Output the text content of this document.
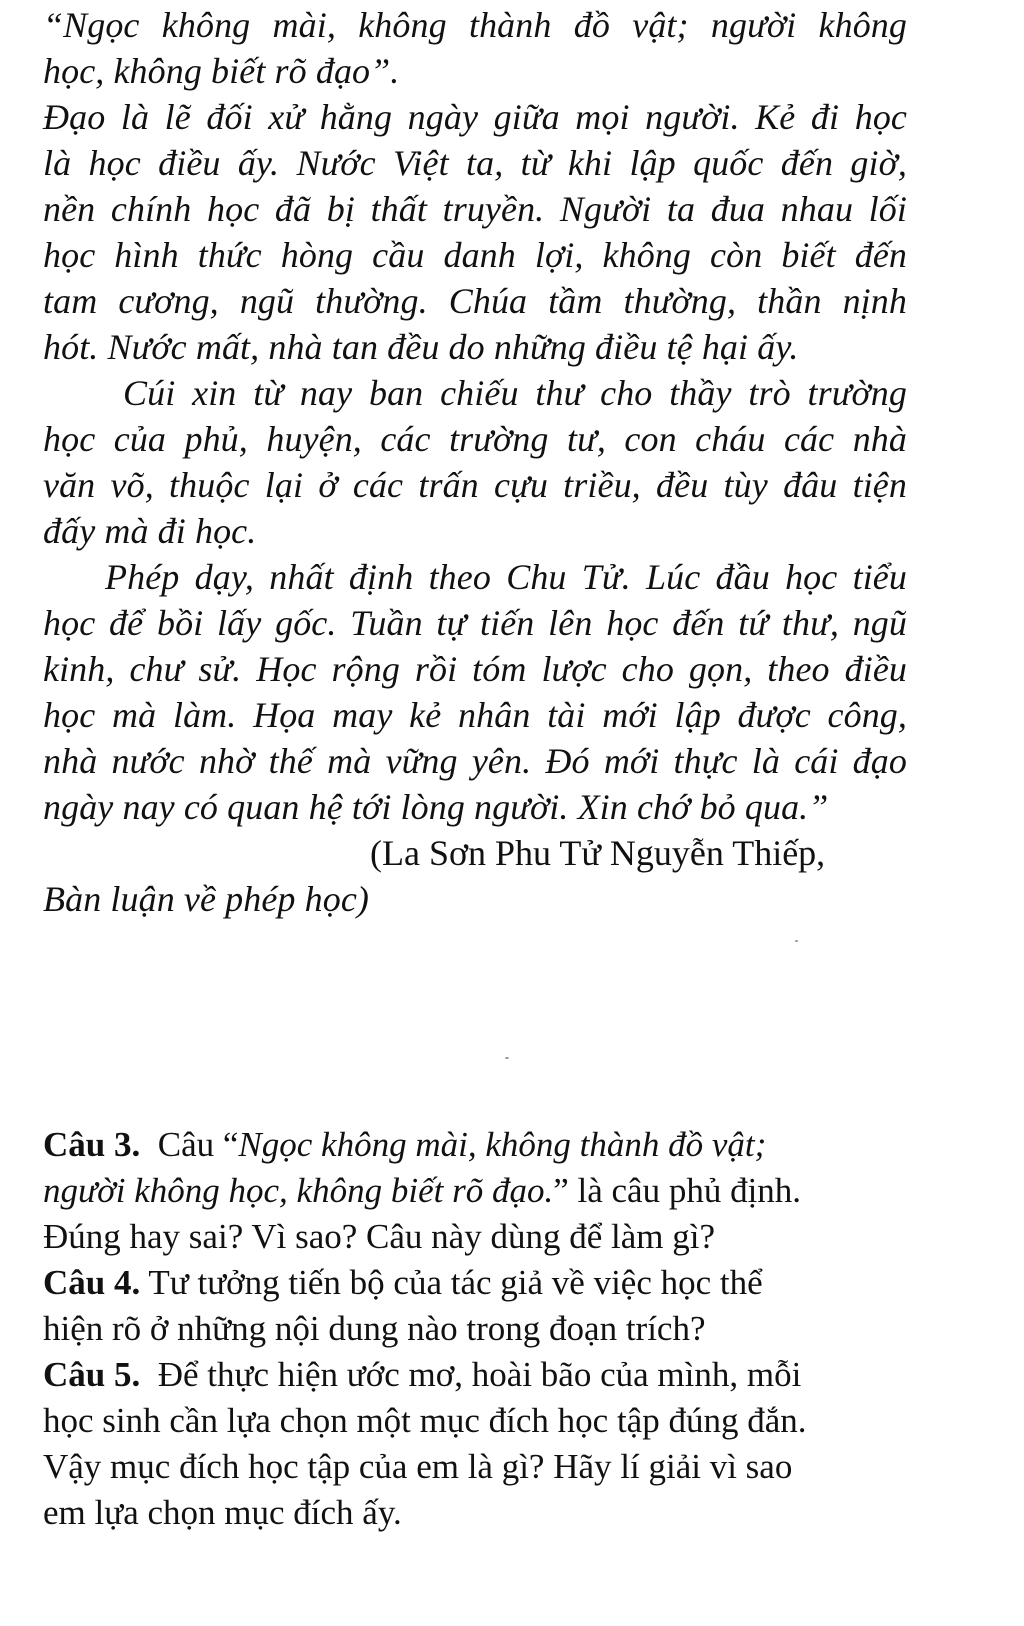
“Ngọc không mài, không thành đồ vật; người không
học, không biết rõ đạo”.
Đạo là lẽ đối xử hằng ngày giữa mọi người. Kẻ đi học
là học điều ấy. Nước Việt ta, từ khi lập quốc đến giờ,
nền chính học đã bị thất truyền. Người ta đua nhau lối
học hình thức hòng cầu danh lợi, không còn biết đến
tam cương, ngũ thường. Chúa tầm thường, thần nịnh
hót. Nước mất, nhà tan đều do những điều tệ hại ấy.
Cúi xin từ nay ban chiếu thư cho thầy trò trường
học của phủ, huyện, các trường tư, con cháu các nhà
văn võ, thuộc lại ở các trấn cựu triều, đều tùy đâu tiện
đấy mà đi học.
Phép dạy, nhất định theo Chu Tử. Lúc đầu học tiểu
học để bồi lấy gốc. Tuần tự tiến lên học đến tứ thư, ngũ
kinh, chư sử. Học rộng rồi tóm lược cho gọn, theo điều
học mà làm. Họa may kẻ nhân tài mới lập được công,
nhà nước nhờ thế mà vững yên. Đó mới thực là cái đạo
ngày nay có quan hệ tới lòng người. Xin chớ bỏ qua.”
(La Sơn Phu Tử Nguyễn Thiếp,
Bàn luận về phép học)
Câu 3. Câu “Ngọc không mài, không thành đồ vật;
người không học, không biết rõ đạo.” là câu phủ định.
Đúng hay sai? Vì sao? Câu này dùng để làm gì?
Câu 4. Tư tưởng tiến bộ của tác giả về việc học thể
hiện rõ ở những nội dung nào trong đoạn trích?
Câu 5. Để thực hiện ước mơ, hoài bão của mình, mỗi
học sinh cần lựa chọn một mục đích học tập đúng đắn.
Vậy mục đích học tập của em là gì? Hãy lí giải vì sao
em lựa chọn mục đích ấy.
